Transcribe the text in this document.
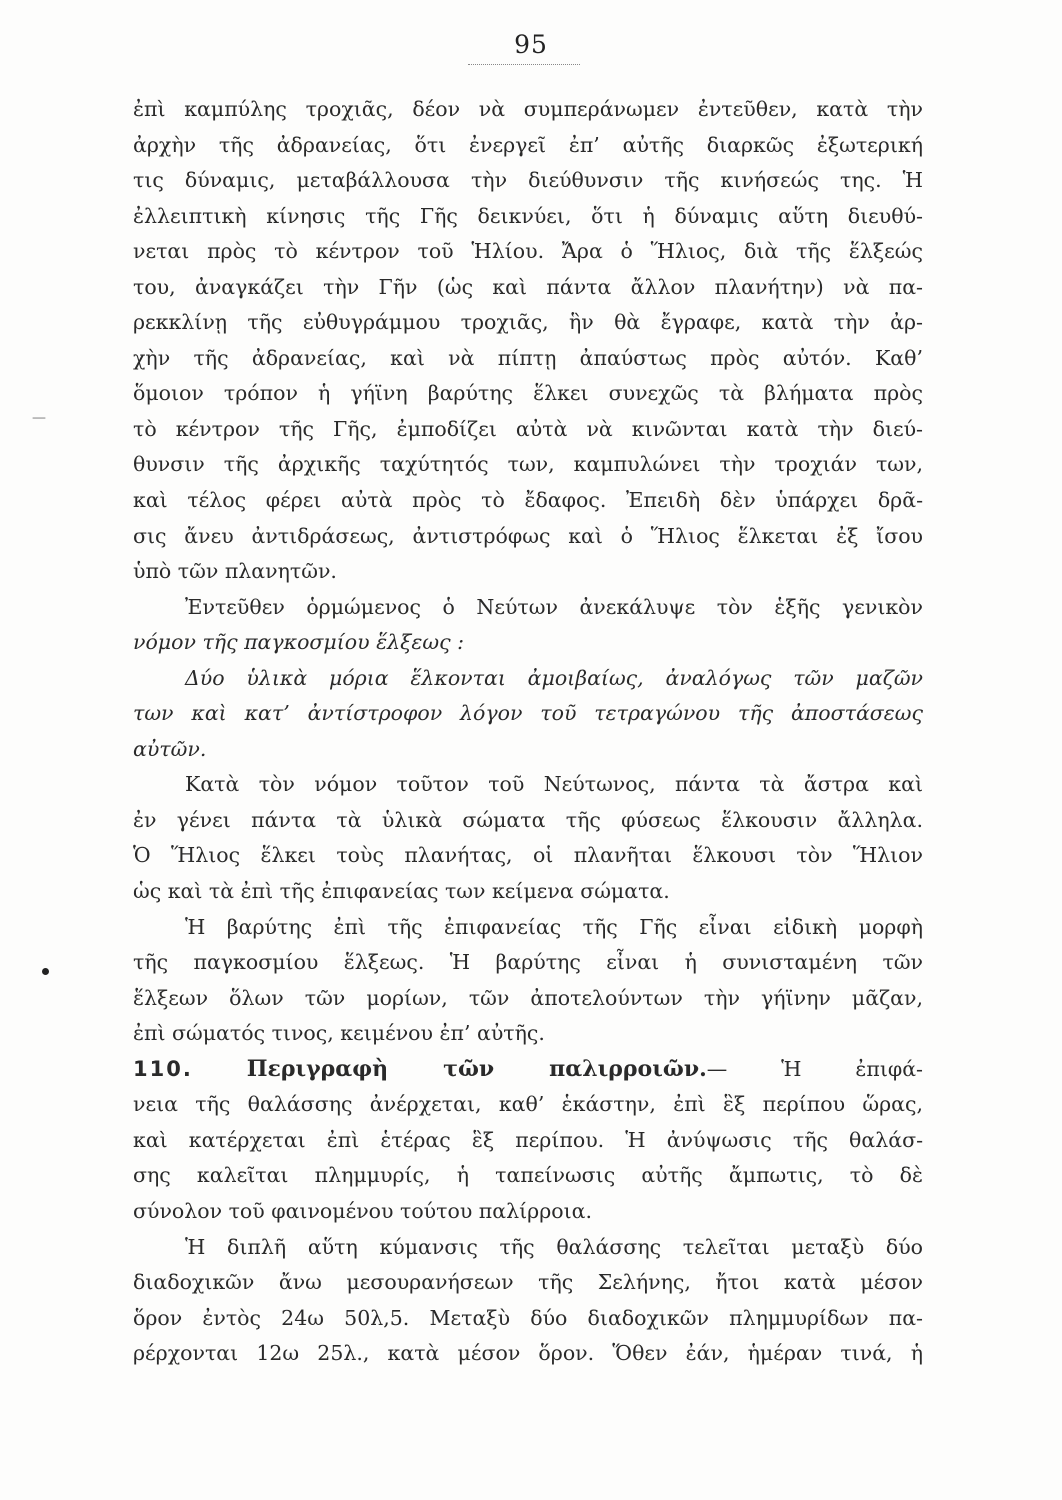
95
—
ἐπὶ καμπύλης τροχιᾶς, δέον νὰ συμπεράνωμεν ἐντεῦθεν, κατὰ τὴν
ἀρχὴν τῆς ἀδρανείας, ὅτι ἐνεργεῖ ἐπ’ αὐτῆς διαρκῶς ἐξωτερική
τις δύναμις, μεταβάλλουσα τὴν διεύθυνσιν τῆς κινήσεώς της. Ἡ
ἐλλειπτικὴ κίνησις τῆς Γῆς δεικνύει, ὅτι ἡ δύναμις αὕτη διευθύ-
νεται πρὸς τὸ κέντρον τοῦ Ἡλίου. Ἄρα ὁ Ἥλιος, διὰ τῆς ἕλξεώς
του, ἀναγκάζει τὴν Γῆν (ὡς καὶ πάντα ἄλλον πλανήτην) νὰ πα-
ρεκκλίνῃ τῆς εὐθυγράμμου τροχιᾶς, ἣν θὰ ἔγραφε, κατὰ τὴν ἀρ-
χὴν τῆς ἀδρανείας, καὶ νὰ πίπτῃ ἀπαύστως πρὸς αὐτόν. Καθ’
ὅμοιον τρόπον ἡ γήϊνη βαρύτης ἕλκει συνεχῶς τὰ βλήματα πρὸς
τὸ κέντρον τῆς Γῆς, ἐμποδίζει αὐτὰ νὰ κινῶνται κατὰ τὴν διεύ-
θυνσιν τῆς ἀρχικῆς ταχύτητός των, καμπυλώνει τὴν τροχιάν των,
καὶ τέλος φέρει αὐτὰ πρὸς τὸ ἔδαφος. Ἐπειδὴ δὲν ὑπάρχει δρᾶ-
σις ἄνευ ἀντιδράσεως, ἀντιστρόφως καὶ ὁ Ἥλιος ἕλκεται ἐξ ἴσου
ὑπὸ τῶν πλανητῶν.
Ἐντεῦθεν ὁρμώμενος ὁ Νεύτων ἀνεκάλυψε τὸν ἑξῆς γενικὸν
νόμον τῆς παγκοσμίου ἕλξεως :
Δύο ὑλικὰ μόρια ἕλκονται ἀμοιβαίως, ἀναλόγως τῶν μαζῶν
των καὶ κατ’ ἀντίστροφον λόγον τοῦ τετραγώνου τῆς ἀποστάσεως
αὐτῶν.
Κατὰ τὸν νόμον τοῦτον τοῦ Νεύτωνος, πάντα τὰ ἄστρα καὶ
ἐν γένει πάντα τὰ ὑλικὰ σώματα τῆς φύσεως ἕλκουσιν ἄλληλα.
Ὁ Ἥλιος ἕλκει τοὺς πλανήτας, οἱ πλανῆται ἕλκουσι τὸν Ἥλιον
ὡς καὶ τὰ ἐπὶ τῆς ἐπιφανείας των κείμενα σώματα.
Ἡ βαρύτης ἐπὶ τῆς ἐπιφανείας τῆς Γῆς εἶναι εἰδικὴ μορφὴ
τῆς παγκοσμίου ἕλξεως. Ἡ βαρύτης εἶναι ἡ συνισταμένη τῶν
ἕλξεων ὅλων τῶν μορίων, τῶν ἀποτελούντων τὴν γήϊνην μᾶζαν,
ἐπὶ σώματός τινος, κειμένου ἐπ’ αὐτῆς.
110. Περιγραφὴ τῶν παλιρροιῶν.— Ἡ ἐπιφά-
νεια τῆς θαλάσσης ἀνέρχεται, καθ’ ἑκάστην, ἐπὶ ἓξ περίπου ὥρας,
καὶ κατέρχεται ἐπὶ ἑτέρας ἓξ περίπου. Ἡ ἀνύψωσις τῆς θαλάσ-
σης καλεῖται πλημμυρίς, ἡ ταπείνωσις αὐτῆς ἄμπωτις, τὸ δὲ
σύνολον τοῦ φαινομένου τούτου παλίρροια.
Ἡ διπλῆ αὕτη κύμανσις τῆς θαλάσσης τελεῖται μεταξὺ δύο
διαδοχικῶν ἄνω μεσουρανήσεων τῆς Σελήνης, ἤτοι κατὰ μέσον
ὅρον ἐντὸς 24ω 50λ,5. Μεταξὺ δύο διαδοχικῶν πλημμυρίδων πα-
ρέρχονται 12ω 25λ., κατὰ μέσον ὅρον. Ὅθεν ἐάν, ἡμέραν τινά, ἡ
